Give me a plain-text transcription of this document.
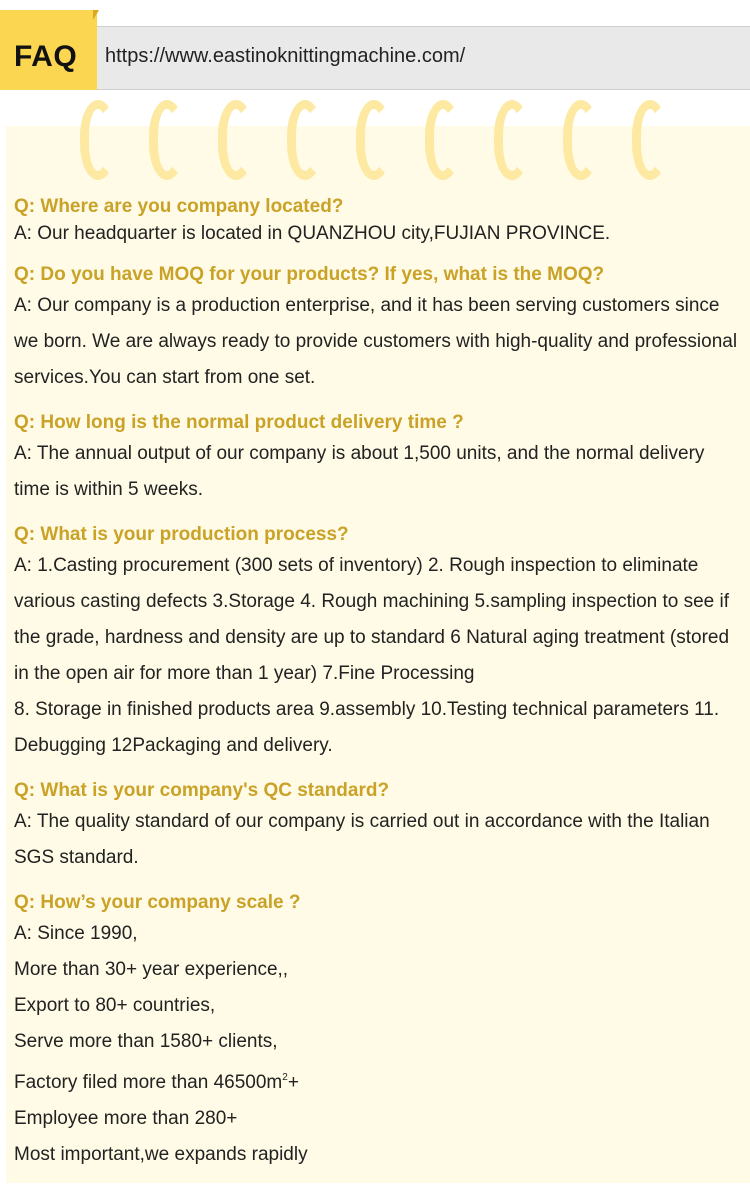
FAQ https://www.eastinoknittingmachine.com/

Q: Where are you company located?

A: Our headquarter is located in QUANZHOU city,FUJIAN PROVINCE.

Q: Do you have MOQ for your products? If yes, what is the MOQ?

A: Our company is a production enterprise, and it has been serving customers since we born. We are always ready to provide customers with high-quality and professional services.You can start from one set.

Q: How long is the normal product delivery time ?

A: The annual output of our company is about 1,500 units, and the normal delivery time is within 5 weeks.

Q: What is your production process?

A: 1.Casting procurement (300 sets of inventory) 2. Rough inspection to eliminate various casting defects 3.Storage 4. Rough machining 5.sampling inspection to see if the grade, hardness and density are up to standard 6 Natural aging treatment (stored in the open air for more than 1 year) 7.Fine Processing

8. Storage in finished products area 9.assembly 10.Testing technical parameters 11. Debugging 12Packaging and delivery.

Q: What is your company's QC standard?

A: The quality standard of our company is carried out in accordance with the Italian SGS standard.

Q: How’s your company scale ?

A: Since 1990,
More than 30+ year experience,,
Export to 80+ countries,
Serve more than 1580+ clients,
Factory filed more than $46500m^2+$
Employee more than 280+
Most important,we expands rapidly
